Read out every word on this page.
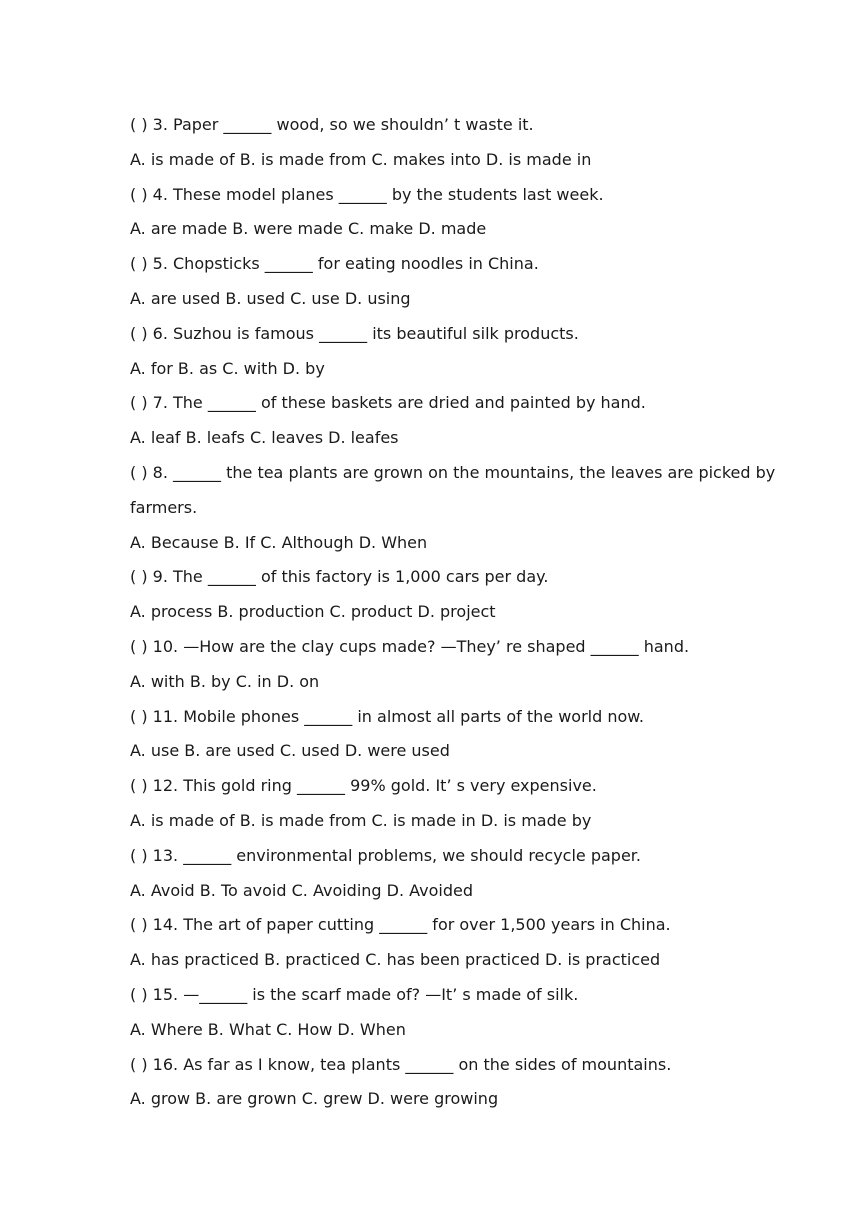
( ) 3. Paper ______ wood, so we shouldn’ t waste it.
A. is made of B. is made from C. makes into D. is made in
( ) 4. These model planes ______ by the students last week.
A. are made B. were made C. make D. made
( ) 5. Chopsticks ______ for eating noodles in China.
A. are used B. used C. use D. using
( ) 6. Suzhou is famous ______ its beautiful silk products.
A. for B. as C. with D. by
( ) 7. The ______ of these baskets are dried and painted by hand.
A. leaf B. leafs C. leaves D. leafes
( ) 8. ______ the tea plants are grown on the mountains, the leaves are picked by
farmers.
A. Because B. If C. Although D. When
( ) 9. The ______ of this factory is 1,000 cars per day.
A. process B. production C. product D. project
( ) 10. —How are the clay cups made? —They’ re shaped ______ hand.
A. with B. by C. in D. on
( ) 11. Mobile phones ______ in almost all parts of the world now.
A. use B. are used C. used D. were used
( ) 12. This gold ring ______ 99% gold. It’ s very expensive.
A. is made of B. is made from C. is made in D. is made by
( ) 13. ______ environmental problems, we should recycle paper.
A. Avoid B. To avoid C. Avoiding D. Avoided
( ) 14. The art of paper cutting ______ for over 1,500 years in China.
A. has practiced B. practiced C. has been practiced D. is practiced
( ) 15. —______ is the scarf made of? —It’ s made of silk.
A. Where B. What C. How D. When
( ) 16. As far as I know, tea plants ______ on the sides of mountains.
A. grow B. are grown C. grew D. were growing
